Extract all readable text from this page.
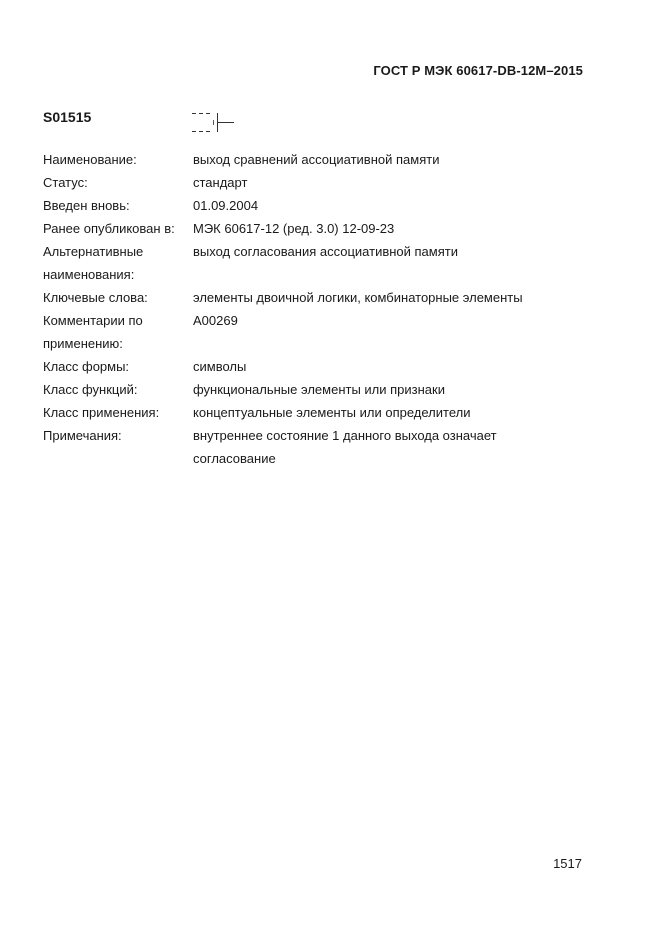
ГОСТ Р МЭК 60617-DB-12M–2015
S01515
Наименование:	выход сравнений ассоциативной памяти
Статус:	стандарт
Введен вновь:	01.09.2004
Ранее опубликован в:	МЭК 60617-12 (ред. 3.0) 12-09-23
Альтернативные
наименования:
выход согласования ассоциативной памяти
Ключевые слова:	элементы двоичной логики, комбинаторные элементы
Комментарии по
применению:
A00269
Класс формы:	символы
Класс функций:	функциональные элементы или признаки
Класс применения:	концептуальные элементы или определители
Примечания:	внутреннее состояние 1 данного выхода означает
согласование
1517
